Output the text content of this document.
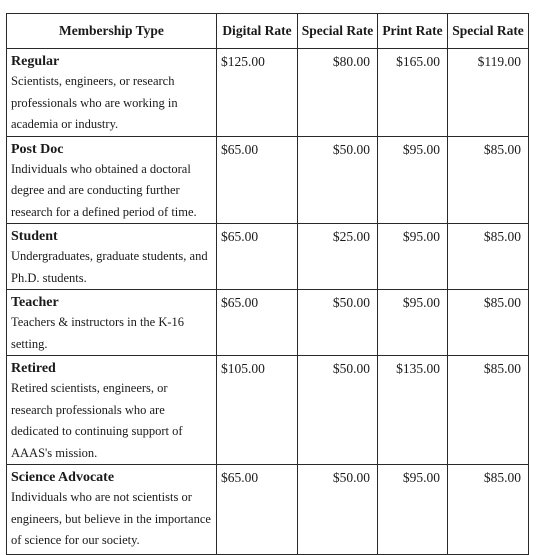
Membership Type	Digital Rate	Special Rate	Print Rate	Special Rate

Regular
Scientists, engineers, or research professionals who are working in academia or industry.	$125.00	$80.00	$165.00	$119.00

Post Doc
Individuals who obtained a doctoral degree and are conducting further research for a defined period of time.	$65.00	$50.00	$95.00	$85.00

Student
Undergraduates, graduate students, and Ph.D. students.	$65.00	$25.00	$95.00	$85.00

Teacher
Teachers & instructors in the K-16 setting.	$65.00	$50.00	$95.00	$85.00

Retired
Retired scientists, engineers, or research professionals who are dedicated to continuing support of AAAS's mission.	$105.00	$50.00	$135.00	$85.00

Science Advocate
Individuals who are not scientists or engineers, but believe in the importance of science for our society.	$65.00	$50.00	$95.00	$85.00
